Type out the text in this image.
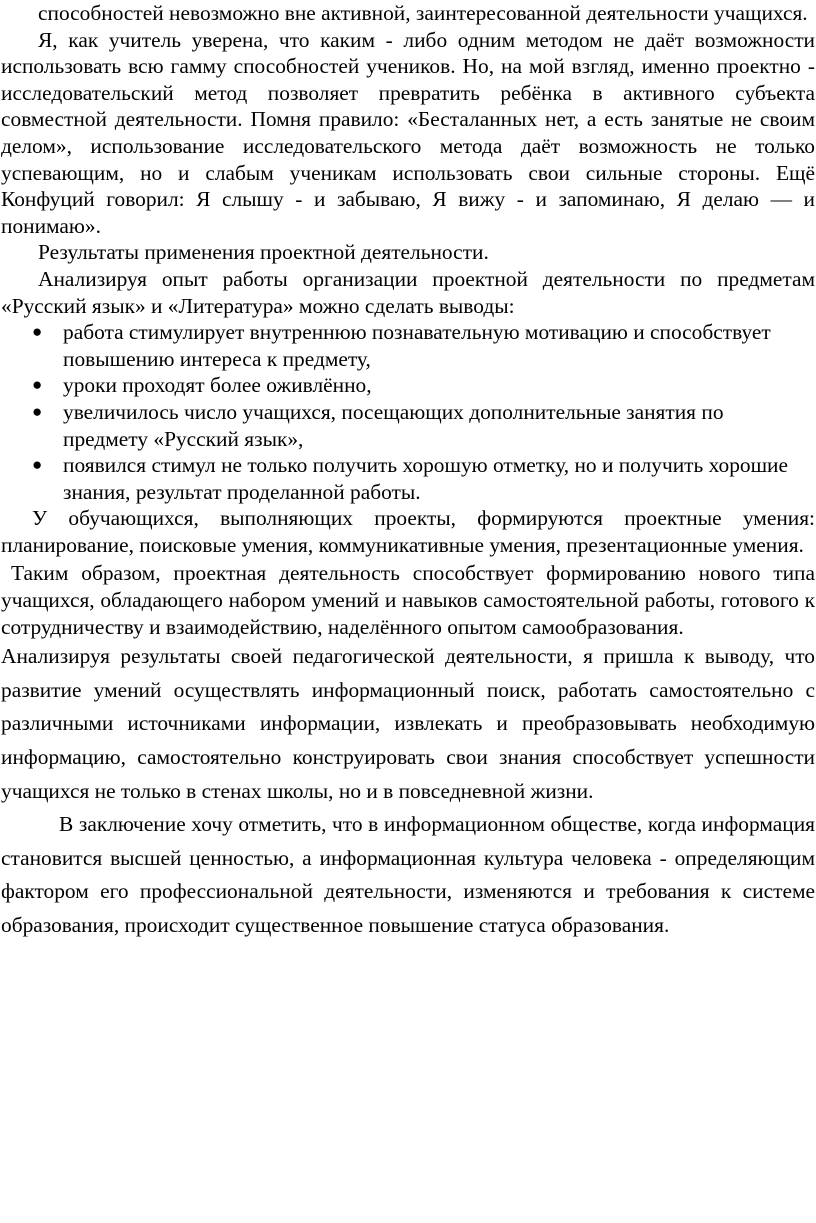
способностей невозможно вне активной, заинтересованной деятельности учащихся.

Я, как учитель уверена, что каким - либо одним методом не даёт возможности использовать всю гамму способностей учеников. Но, на мой взгляд, именно проектно - исследовательский метод позволяет превратить ребёнка в активного субъекта совместной деятельности. Помня правило: «Бесталанных нет, а есть занятые не своим делом», использование исследовательского метода даёт возможность не только успевающим, но и слабым ученикам использовать свои сильные стороны. Ещё Конфуций говорил: Я слышу - и забываю, Я вижу - и запоминаю, Я делаю — и понимаю».

Результаты применения проектной деятельности.

Анализируя опыт работы организации проектной деятельности по предметам «Русский язык» и «Литература» можно сделать выводы:

● работа стимулирует внутреннюю познавательную мотивацию и способствует повышению интереса к предмету,
● уроки проходят более оживлённо,
● увеличилось число учащихся, посещающих дополнительные занятия по предмету «Русский язык»,
● появился стимул не только получить хорошую отметку, но и получить хорошие знания, результат проделанной работы.

У обучающихся, выполняющих проекты, формируются проектные умения: планирование, поисковые умения, коммуникативные умения, презентационные умения.

Таким образом, проектная деятельность способствует формированию нового типа учащихся, обладающего набором умений и навыков самостоятельной работы, готового к сотрудничеству и взаимодействию, наделённого опытом самообразования.

Анализируя результаты своей педагогической деятельности, я пришла к выводу, что развитие умений осуществлять информационный поиск, работать самостоятельно с различными источниками информации, извлекать и преобразовывать необходимую информацию, самостоятельно конструировать свои знания способствует успешности учащихся не только в стенах школы, но и в повседневной жизни.

В заключение хочу отметить, что в информационном обществе, когда информация становится высшей ценностью, а информационная культура человека - определяющим фактором его профессиональной деятельности, изменяются и требования к системе образования, происходит существенное повышение статуса образования.
